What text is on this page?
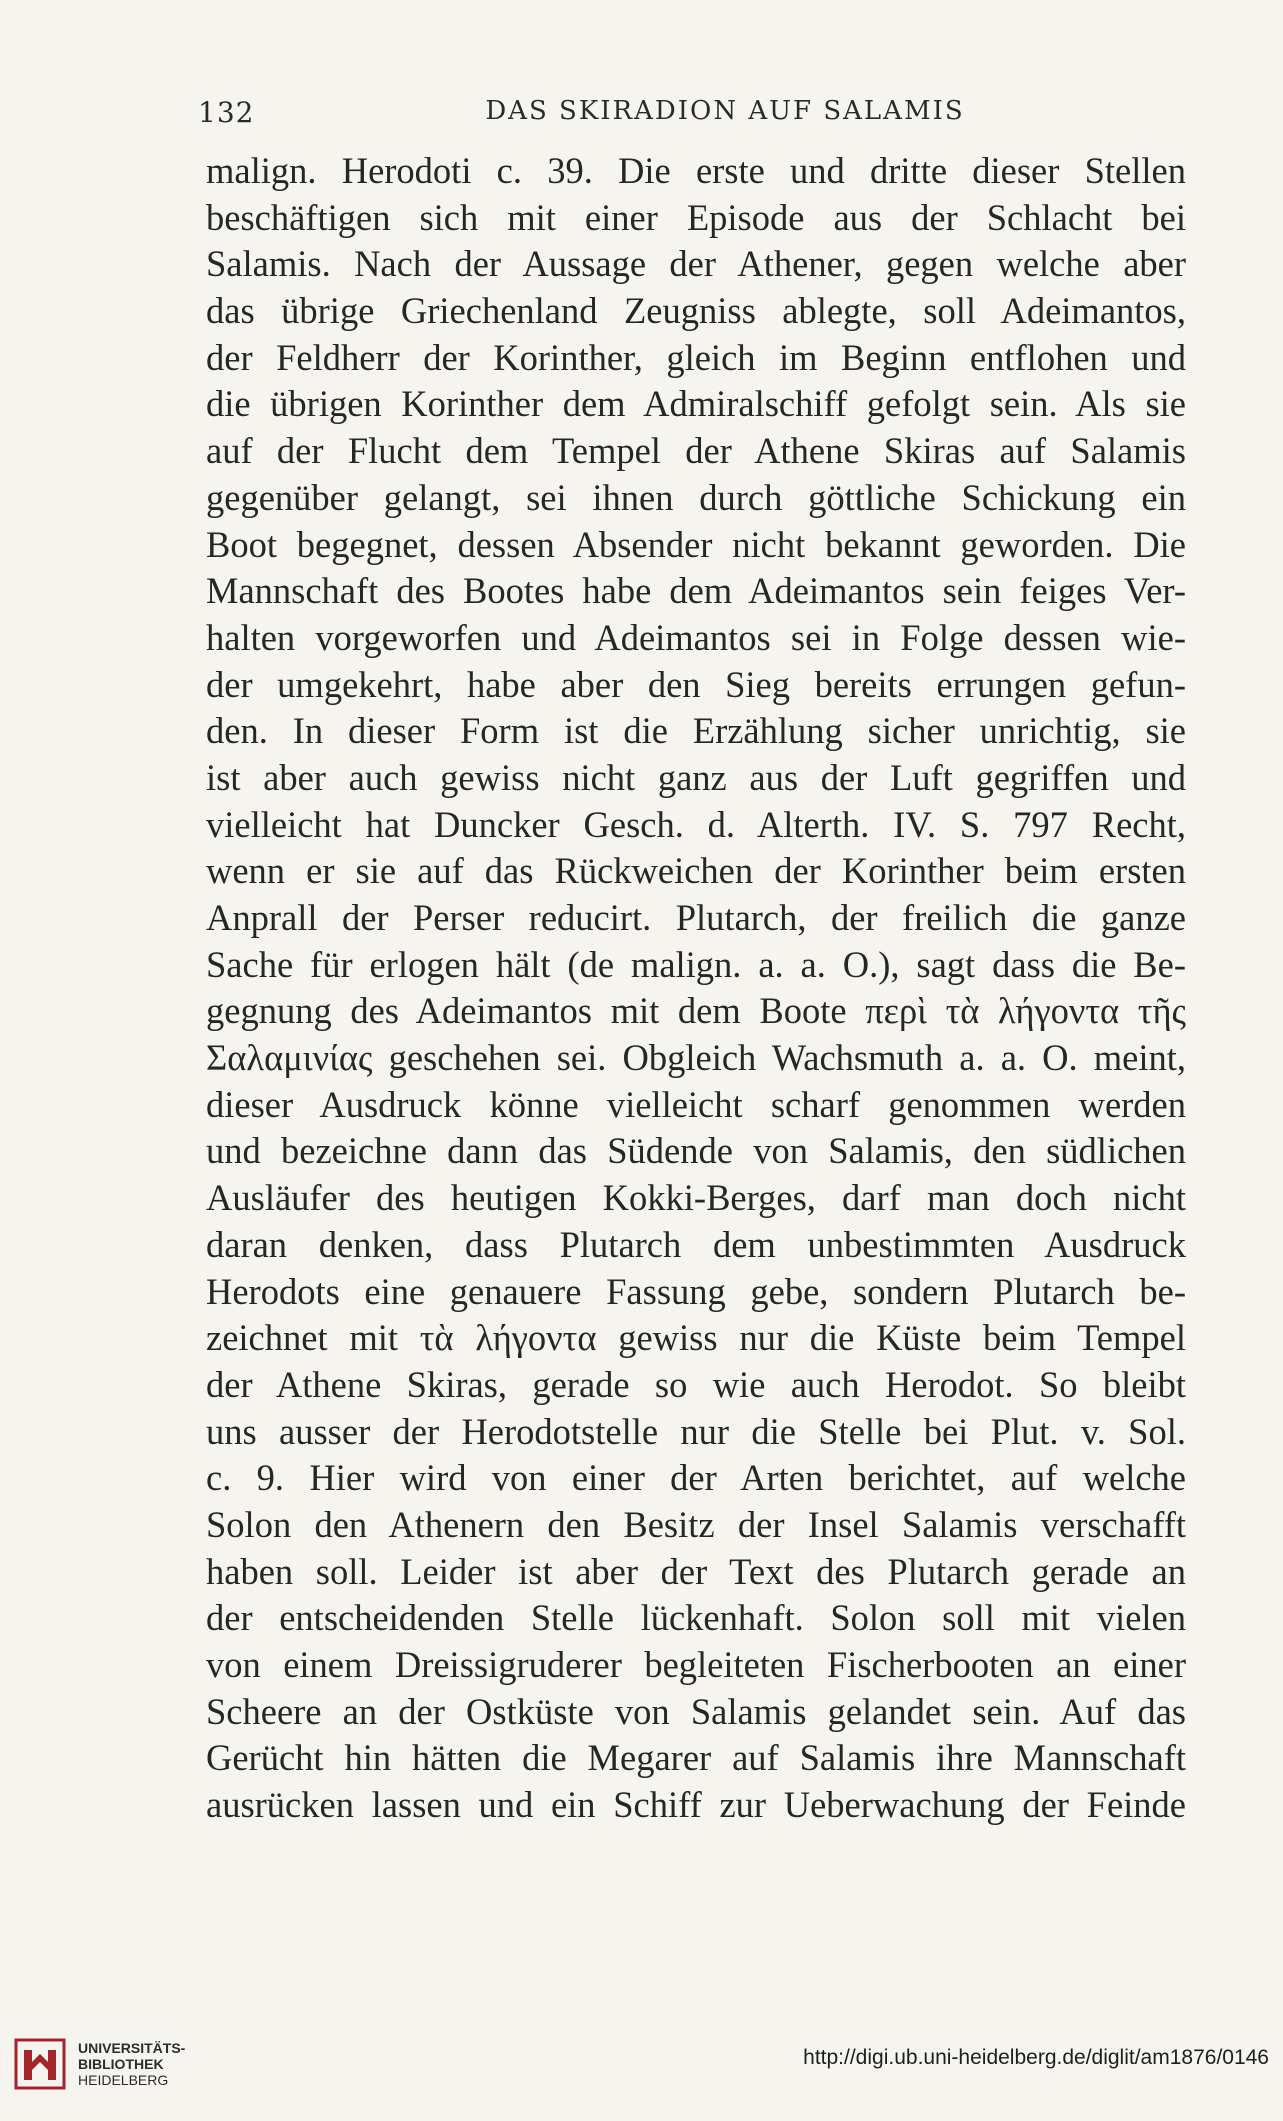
132	DAS SKIRADION AUF SALAMIS
malign. Herodoti c. 39. Die erste und dritte dieser Stellen
beschäftigen sich mit einer Episode aus der Schlacht bei
Salamis. Nach der Aussage der Athener, gegen welche aber
das übrige Griechenland Zeugniss ablegte, soll Adeimantos,
der Feldherr der Korinther, gleich im Beginn entflohen und
die übrigen Korinther dem Admiralschiff gefolgt sein. Als sie
auf der Flucht dem Tempel der Athene Skiras auf Salamis
gegenüber gelangt, sei ihnen durch göttliche Schickung ein
Boot begegnet, dessen Absender nicht bekannt geworden. Die
Mannschaft des Bootes habe dem Adeimantos sein feiges Ver-
halten vorgeworfen und Adeimantos sei in Folge dessen wie-
der umgekehrt, habe aber den Sieg bereits errungen gefun-
den. In dieser Form ist die Erzählung sicher unrichtig, sie
ist aber auch gewiss nicht ganz aus der Luft gegriffen und
vielleicht hat Duncker Gesch. d. Alterth. IV. S. 797 Recht,
wenn er sie auf das Rückweichen der Korinther beim ersten
Anprall der Perser reducirt. Plutarch, der freilich die ganze
Sache für erlogen hält (de malign. a. a. O.), sagt dass die Be-
gegnung des Adeimantos mit dem Boote περὶ τὰ λήγοντα τῆς
Σαλαμινίας geschehen sei. Obgleich Wachsmuth a. a. O. meint,
dieser Ausdruck könne vielleicht scharf genommen werden
und bezeichne dann das Südende von Salamis, den südlichen
Ausläufer des heutigen Kokki-Berges, darf man doch nicht
daran denken, dass Plutarch dem unbestimmten Ausdruck
Herodots eine genauere Fassung gebe, sondern Plutarch be-
zeichnet mit τὰ λήγοντα gewiss nur die Küste beim Tempel
der Athene Skiras, gerade so wie auch Herodot. So bleibt
uns ausser der Herodotstelle nur die Stelle bei Plut. v. Sol.
c. 9. Hier wird von einer der Arten berichtet, auf welche
Solon den Athenern den Besitz der Insel Salamis verschafft
haben soll. Leider ist aber der Text des Plutarch gerade an
der entscheidenden Stelle lückenhaft. Solon soll mit vielen
von einem Dreissigruderer begleiteten Fischerbooten an einer
Scheere an der Ostküste von Salamis gelandet sein. Auf das
Gerücht hin hätten die Megarer auf Salamis ihre Mannschaft
ausrücken lassen und ein Schiff zur Ueberwachung der Feinde
UNIVERSITÄTS-
BIBLIOTHEK
HEIDELBERG
http://digi.ub.uni-heidelberg.de/diglit/am1876/0146
